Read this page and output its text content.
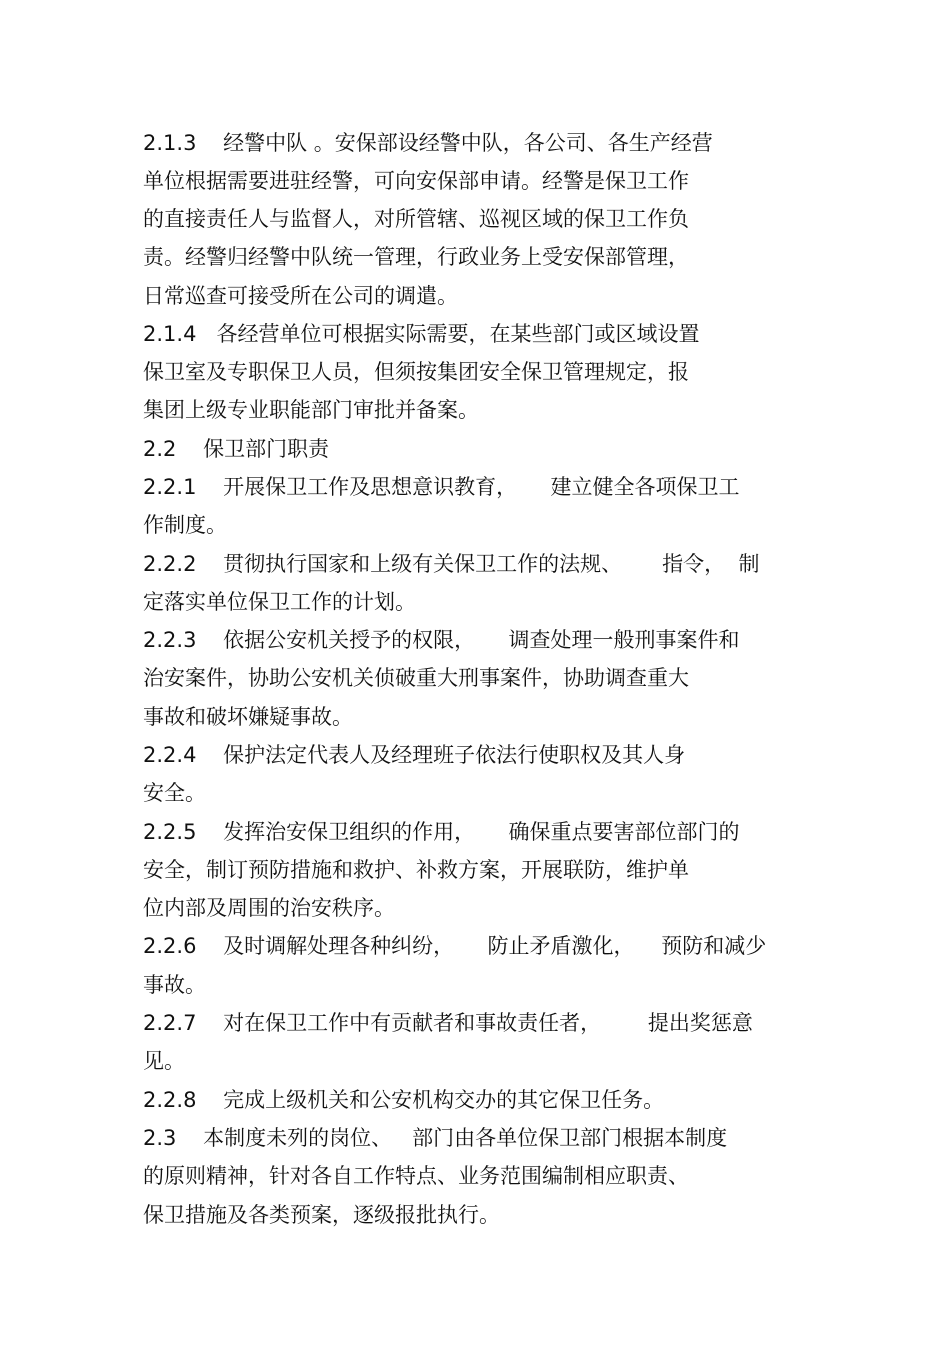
2.1.3    经警中队 。安保部设经警中队，各公司、各生产经营
单位根据需要进驻经警，可向安保部申请。经警是保卫工作
的直接责任人与监督人，对所管辖、巡视区域的保卫工作负
责。经警归经警中队统一管理，行政业务上受安保部管理，
日常巡查可接受所在公司的调遣。
2.1.4   各经营单位可根据实际需要，在某些部门或区域设置
保卫室及专职保卫人员，但须按集团安全保卫管理规定，报
集团上级专业职能部门审批并备案。
2.2    保卫部门职责
2.2.1    开展保卫工作及思想意识教育，     建立健全各项保卫工
作制度。
2.2.2    贯彻执行国家和上级有关保卫工作的法规、      指令，  制
定落实单位保卫工作的计划。
2.2.3    依据公安机关授予的权限，     调查处理一般刑事案件和
治安案件，协助公安机关侦破重大刑事案件，协助调查重大
事故和破坏嫌疑事故。
2.2.4    保护法定代表人及经理班子依法行使职权及其人身
安全。
2.2.5    发挥治安保卫组织的作用，     确保重点要害部位部门的
安全，制订预防措施和救护、补救方案，开展联防，维护单
位内部及周围的治安秩序。
2.2.6    及时调解处理各种纠纷，     防止矛盾激化，    预防和减少
事故。
2.2.7    对在保卫工作中有贡献者和事故责任者，       提出奖惩意
见。
2.2.8    完成上级机关和公安机构交办的其它保卫任务。
2.3    本制度未列的岗位、   部门由各单位保卫部门根据本制度
的原则精神，针对各自工作特点、业务范围编制相应职责、
保卫措施及各类预案，逐级报批执行。
